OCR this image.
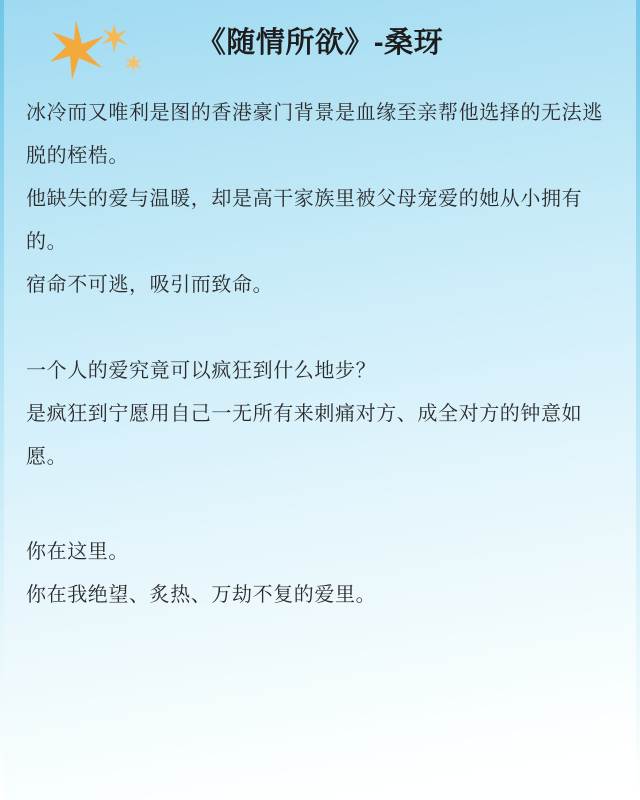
《随情所欲》-桑玡
冰冷而又唯利是图的香港豪门背景是血缘至亲帮他选择的无法逃脱的桎梏。
他缺失的爱与温暖，却是高干家族里被父母宠爱的她从小拥有的。
宿命不可逃，吸引而致命。
一个人的爱究竟可以疯狂到什么地步？
是疯狂到宁愿用自己一无所有来刺痛对方、成全对方的钟意如愿。
你在这里。
你在我绝望、炙热、万劫不复的爱里。
